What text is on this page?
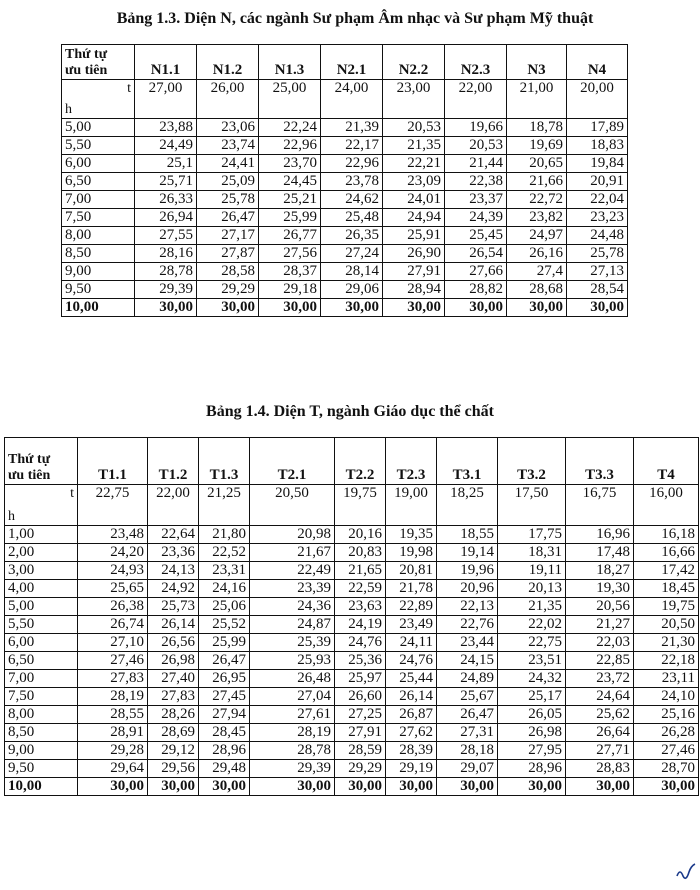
Bảng 1.3. Diện N, các ngành Sư phạm Âm nhạc và Sư phạm Mỹ thuật
Thứ tự
ưu tiên	N1.1	N1.2	N1.3	N2.1	N2.2	N2.3	N3	N4

t
h	27,00	26,00	25,00	24,00	23,00	22,00	21,00	20,00
5,00	23,88	23,06	22,24	21,39	20,53	19,66	18,78	17,89
5,50	24,49	23,74	22,96	22,17	21,35	20,53	19,69	18,83
6,00	25,1	24,41	23,70	22,96	22,21	21,44	20,65	19,84
6,50	25,71	25,09	24,45	23,78	23,09	22,38	21,66	20,91
7,00	26,33	25,78	25,21	24,62	24,01	23,37	22,72	22,04
7,50	26,94	26,47	25,99	25,48	24,94	24,39	23,82	23,23
8,00	27,55	27,17	26,77	26,35	25,91	25,45	24,97	24,48
8,50	28,16	27,87	27,56	27,24	26,90	26,54	26,16	25,78
9,00	28,78	28,58	28,37	28,14	27,91	27,66	27,4	27,13
9,50	29,39	29,29	29,18	29,06	28,94	28,82	28,68	28,54
10,00	30,00	30,00	30,00	30,00	30,00	30,00	30,00	30,00
Bảng 1.4. Diện T, ngành Giáo dục thể chất
Thứ tự
ưu tiên	T1.1	T1.2	T1.3	T2.1	T2.2	T2.3	T3.1	T3.2	T3.3	T4

t
h	22,75	22,00	21,25	20,50	19,75	19,00	18,25	17,50	16,75	16,00
1,00	23,48	22,64	21,80	20,98	20,16	19,35	18,55	17,75	16,96	16,18
2,00	24,20	23,36	22,52	21,67	20,83	19,98	19,14	18,31	17,48	16,66
3,00	24,93	24,13	23,31	22,49	21,65	20,81	19,96	19,11	18,27	17,42
4,00	25,65	24,92	24,16	23,39	22,59	21,78	20,96	20,13	19,30	18,45
5,00	26,38	25,73	25,06	24,36	23,63	22,89	22,13	21,35	20,56	19,75
5,50	26,74	26,14	25,52	24,87	24,19	23,49	22,76	22,02	21,27	20,50
6,00	27,10	26,56	25,99	25,39	24,76	24,11	23,44	22,75	22,03	21,30
6,50	27,46	26,98	26,47	25,93	25,36	24,76	24,15	23,51	22,85	22,18
7,00	27,83	27,40	26,95	26,48	25,97	25,44	24,89	24,32	23,72	23,11
7,50	28,19	27,83	27,45	27,04	26,60	26,14	25,67	25,17	24,64	24,10
8,00	28,55	28,26	27,94	27,61	27,25	26,87	26,47	26,05	25,62	25,16
8,50	28,91	28,69	28,45	28,19	27,91	27,62	27,31	26,98	26,64	26,28
9,00	29,28	29,12	28,96	28,78	28,59	28,39	28,18	27,95	27,71	27,46
9,50	29,64	29,56	29,48	29,39	29,29	29,19	29,07	28,96	28,83	28,70
10,00	30,00	30,00	30,00	30,00	30,00	30,00	30,00	30,00	30,00	30,00
